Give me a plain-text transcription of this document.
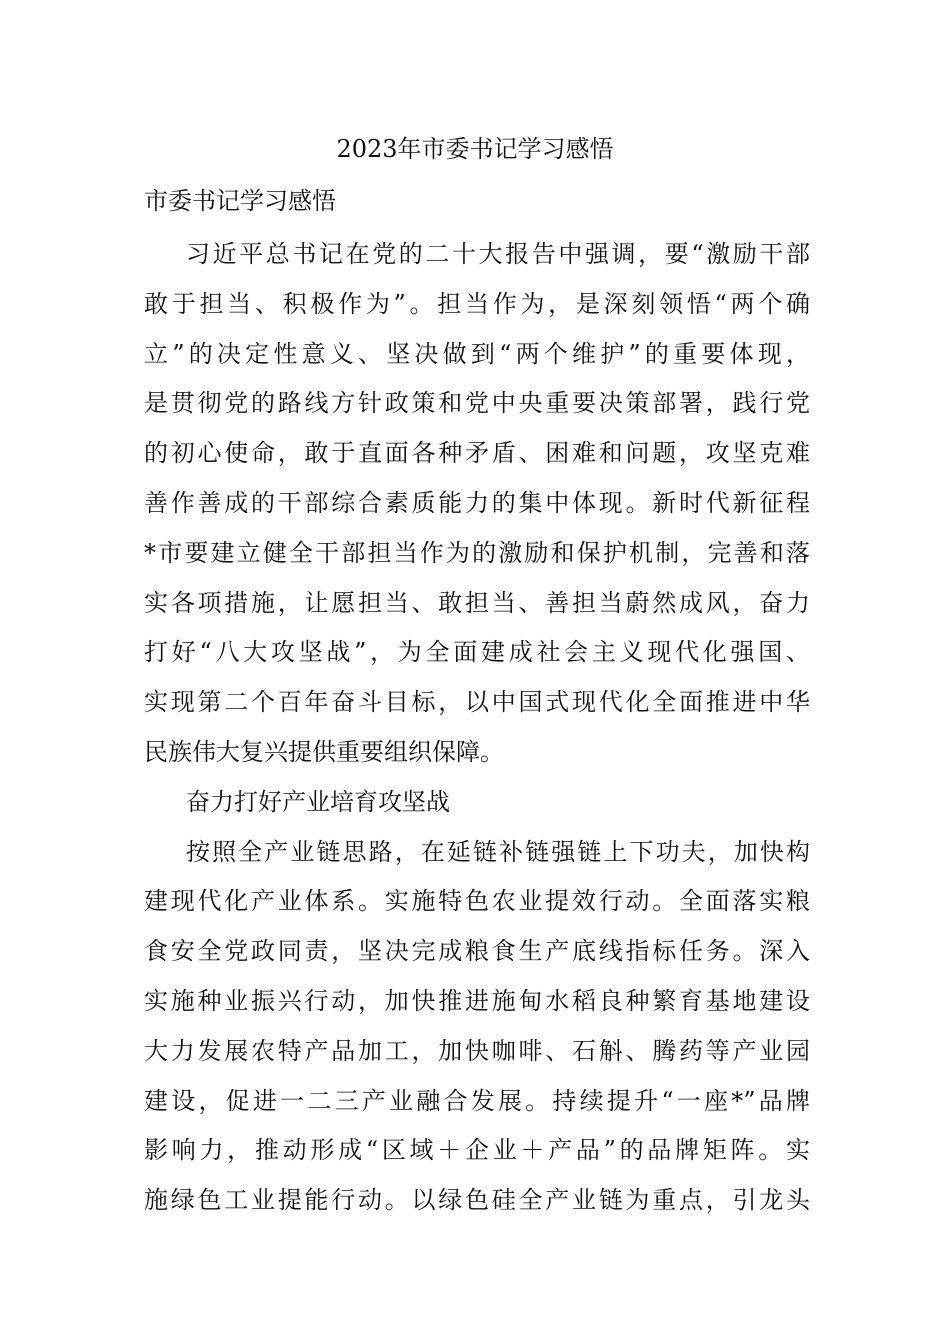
2023年市委书记学习感悟

市委书记学习感悟

习近平总书记在党的二十大报告中强调，要“激励干部
敢于担当、积极作为”。担当作为，是深刻领悟“两个确
立”的决定性意义、坚决做到“两个维护”的重要体现，
是贯彻党的路线方针政策和党中央重要决策部署，践行党
的初心使命，敢于直面各种矛盾、困难和问题，攻坚克难
善作善成的干部综合素质能力的集中体现。新时代新征程
*市要建立健全干部担当作为的激励和保护机制，完善和落
实各项措施，让愿担当、敢担当、善担当蔚然成风，奋力
打好“八大攻坚战”，为全面建成社会主义现代化强国、
实现第二个百年奋斗目标，以中国式现代化全面推进中华
民族伟大复兴提供重要组织保障。
奋力打好产业培育攻坚战
按照全产业链思路，在延链补链强链上下功夫，加快构
建现代化产业体系。实施特色农业提效行动。全面落实粮
食安全党政同责，坚决完成粮食生产底线指标任务。深入
实施种业振兴行动，加快推进施甸水稻良种繁育基地建设
大力发展农特产品加工，加快咖啡、石斛、腾药等产业园
建设，促进一二三产业融合发展。持续提升“一座*”品牌
影响力，推动形成“区域＋企业＋产品”的品牌矩阵。实
施绿色工业提能行动。以绿色硅全产业链为重点，引龙头
